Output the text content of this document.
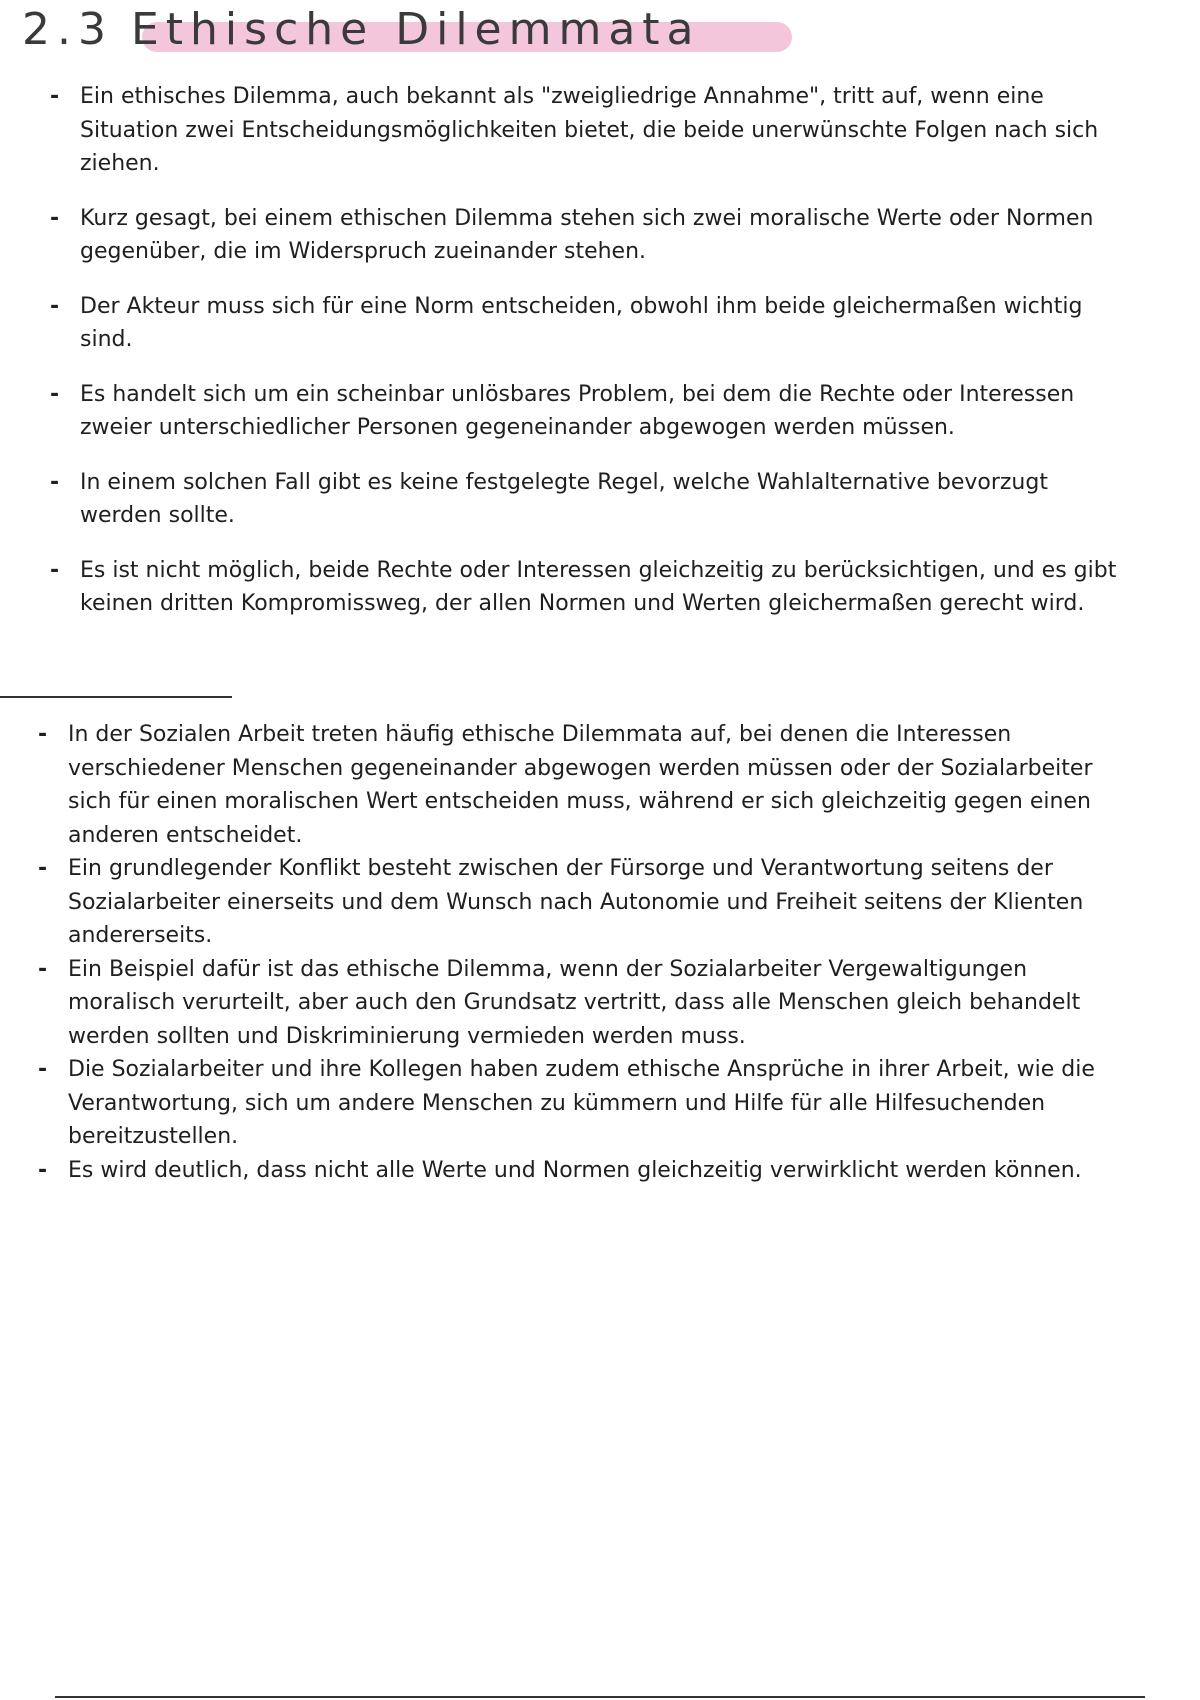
2.3 Ethische Dilemmata
- Ein ethisches Dilemma, auch bekannt als "zweigliedrige Annahme", tritt auf, wenn eine Situation zwei Entscheidungsmöglichkeiten bietet, die beide unerwünschte Folgen nach sich ziehen.
- Kurz gesagt, bei einem ethischen Dilemma stehen sich zwei moralische Werte oder Normen gegenüber, die im Widerspruch zueinander stehen.
- Der Akteur muss sich für eine Norm entscheiden, obwohl ihm beide gleichermaßen wichtig sind.
- Es handelt sich um ein scheinbar unlösbares Problem, bei dem die Rechte oder Interessen zweier unterschiedlicher Personen gegeneinander abgewogen werden müssen.
- In einem solchen Fall gibt es keine festgelegte Regel, welche Wahlalternative bevorzugt werden sollte.
- Es ist nicht möglich, beide Rechte oder Interessen gleichzeitig zu berücksichtigen, und es gibt keinen dritten Kompromissweg, der allen Normen und Werten gleichermaßen gerecht wird.
- In der Sozialen Arbeit treten häufig ethische Dilemmata auf, bei denen die Interessen verschiedener Menschen gegeneinander abgewogen werden müssen oder der Sozialarbeiter sich für einen moralischen Wert entscheiden muss, während er sich gleichzeitig gegen einen anderen entscheidet.
- Ein grundlegender Konflikt besteht zwischen der Fürsorge und Verantwortung seitens der Sozialarbeiter einerseits und dem Wunsch nach Autonomie und Freiheit seitens der Klienten andererseits.
- Ein Beispiel dafür ist das ethische Dilemma, wenn der Sozialarbeiter Vergewaltigungen moralisch verurteilt, aber auch den Grundsatz vertritt, dass alle Menschen gleich behandelt werden sollten und Diskriminierung vermieden werden muss.
- Die Sozialarbeiter und ihre Kollegen haben zudem ethische Ansprüche in ihrer Arbeit, wie die Verantwortung, sich um andere Menschen zu kümmern und Hilfe für alle Hilfesuchenden bereitzustellen.
- Es wird deutlich, dass nicht alle Werte und Normen gleichzeitig verwirklicht werden können.
